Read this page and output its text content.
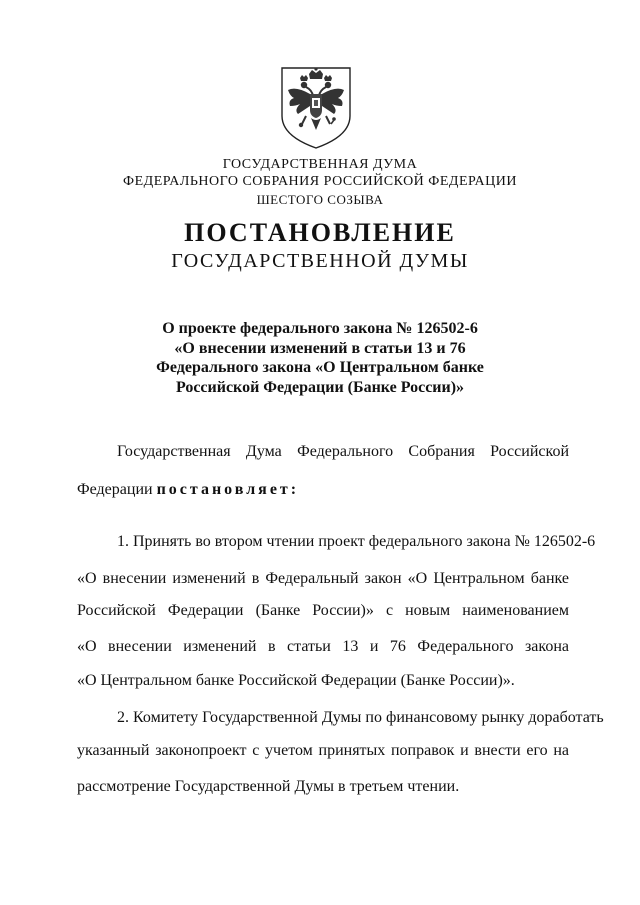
ГОСУДАРСТВЕННАЯ ДУМА
ФЕДЕРАЛЬНОГО СОБРАНИЯ РОССИЙСКОЙ ФЕДЕРАЦИИ
ШЕСТОГО СОЗЫВА
ПОСТАНОВЛЕНИЕ
ГОСУДАРСТВЕННОЙ ДУМЫ
О проекте федерального закона № 126502-6
«О внесении изменений в статьи 13 и 76
Федерального закона «О Центральном банке
Российской Федерации (Банке России)»
Государственная Дума Федерального Собрания Российской
Федерации постановляет:
1. Принять во втором чтении проект федерального закона № 126502-6
«О внесении изменений в Федеральный закон «О Центральном банке
Российской Федерации (Банке России)» с новым наименованием
«О внесении изменений в статьи 13 и 76 Федерального закона
«О Центральном банке Российской Федерации (Банке России)».
2. Комитету Государственной Думы по финансовому рынку доработать
указанный законопроект с учетом принятых поправок и внести его на
рассмотрение Государственной Думы в третьем чтении.
